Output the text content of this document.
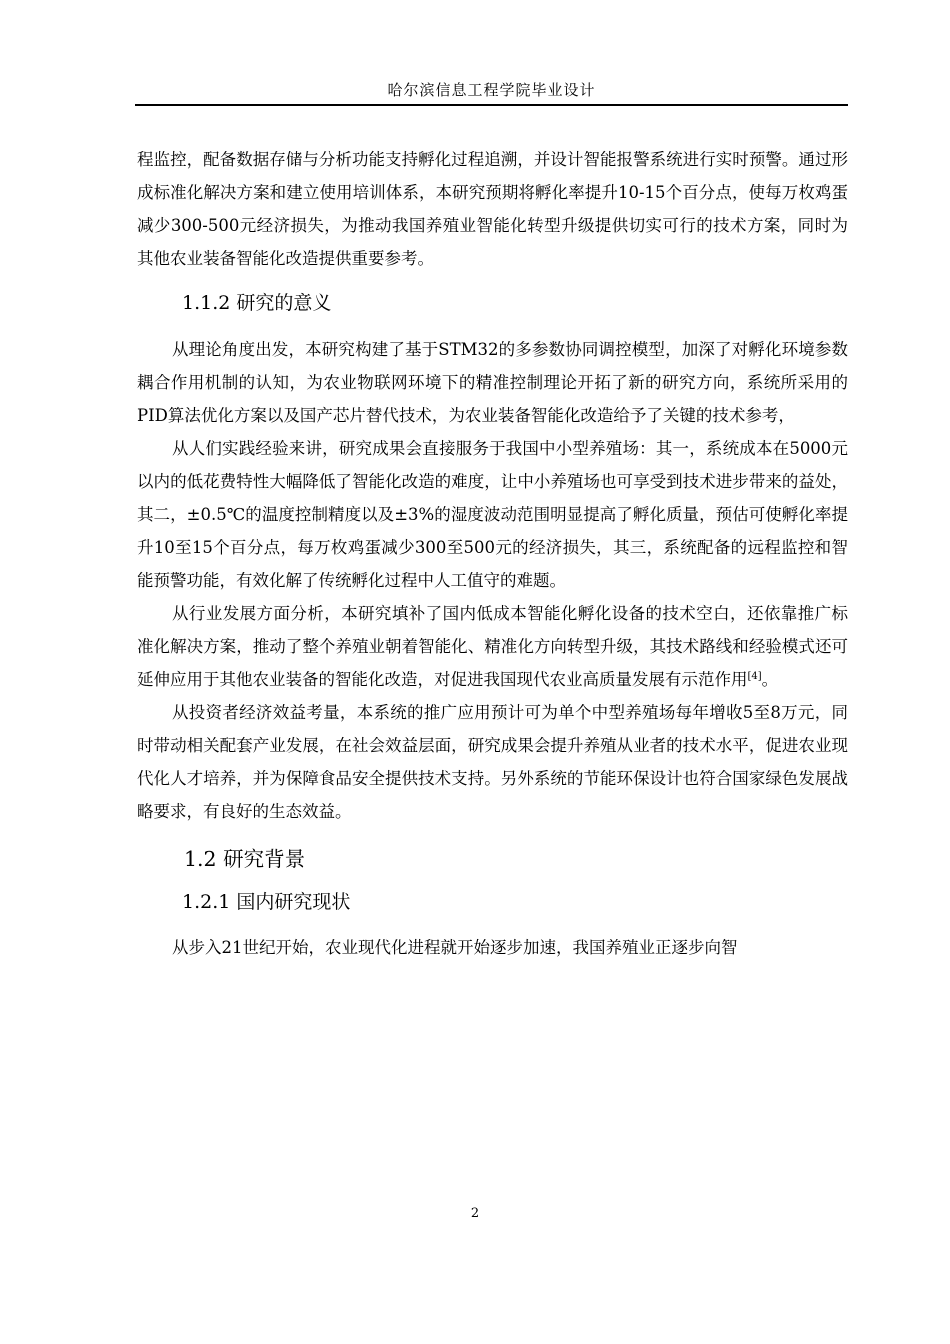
哈尔滨信息工程学院毕业设计

程监控，配备数据存储与分析功能支持孵化过程追溯，并设计智能报警系统进行实时预警。通过形成标准化解决方案和建立使用培训体系，本研究预期将孵化率提升10-15个百分点，使每万枚鸡蛋减少300-500元经济损失，为推动我国养殖业智能化转型升级提供切实可行的技术方案，同时为其他农业装备智能化改造提供重要参考。

1.1.2 研究的意义

从理论角度出发，本研究构建了基于STM32的多参数协同调控模型，加深了对孵化环境参数耦合作用机制的认知，为农业物联网环境下的精准控制理论开拓了新的研究方向，系统所采用的PID算法优化方案以及国产芯片替代技术，为农业装备智能化改造给予了关键的技术参考，

从人们实践经验来讲，研究成果会直接服务于我国中小型养殖场：其一，系统成本在5000元以内的低花费特性大幅降低了智能化改造的难度，让中小养殖场也可享受到技术进步带来的益处，其二，±0.5℃的温度控制精度以及±3%的湿度波动范围明显提高了孵化质量，预估可使孵化率提升10至15个百分点，每万枚鸡蛋减少300至500元的经济损失，其三，系统配备的远程监控和智能预警功能，有效化解了传统孵化过程中人工值守的难题。

从行业发展方面分析，本研究填补了国内低成本智能化孵化设备的技术空白，还依靠推广标准化解决方案，推动了整个养殖业朝着智能化、精准化方向转型升级，其技术路线和经验模式还可延伸应用于其他农业装备的智能化改造，对促进我国现代农业高质量发展有示范作用[4]。

从投资者经济效益考量，本系统的推广应用预计可为单个中型养殖场每年增收5至8万元，同时带动相关配套产业发展，在社会效益层面，研究成果会提升养殖从业者的技术水平，促进农业现代化人才培养，并为保障食品安全提供技术支持。另外系统的节能环保设计也符合国家绿色发展战略要求，有良好的生态效益。

1.2 研究背景
1.2.1 国内研究现状

从步入21世纪开始，农业现代化进程就开始逐步加速，我国养殖业正逐步向智

2
